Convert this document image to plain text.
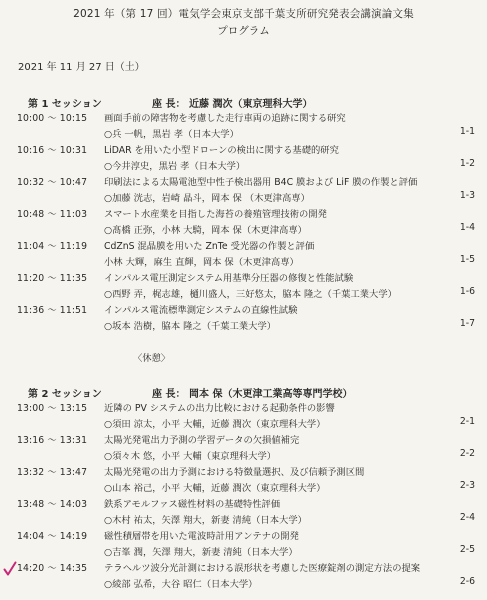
2021 年（第 17 回）電気学会東京支部千葉支所研究発表会講演論文集
プログラム
2021 年 11 月 27 日（土）
第 1 セッション	座 長： 近藤 潤次（東京理科大学）
10:00 ～ 10:15 画面手前の障害物を考慮した走行車両の追跡に関する研究
○兵 一帆，黒岩 孝（日本大学）	1-1
10:16 ～ 10:31 LiDAR を用いた小型ドローンの検出に関する基礎的研究
○今井淳史，黒岩 孝（日本大学）	1-2
10:32 ～ 10:47 印刷法による太陽電池型中性子検出器用 B4C 膜および LiF 膜の作製と評価
○加藤 洸志，岩崎 晶斗，岡本 保 （木更津高専）	1-3
10:48 ～ 11:03 スマート水産業を目指した海苔の養殖管理技術の開発
○髙橋 正弥，小林 大騎，岡本 保（木更津高専）	1-4
11:04 ～ 11:19 CdZnS 混晶膜を用いた ZnTe 受光器の作製と評価
小林 大輝，麻生 直輝，岡本 保（木更津高専）	1-5
11:20 ～ 11:35 インパルス電圧測定システム用基準分圧器の修復と性能試験
○西野 弄，梶志雄，樋川盛人，三好悠太，脇本 隆之（千葉工業大学）	1-6
11:36 ～ 11:51 インパルス電流標準測定システムの直線性試験
○坂本 浩樹，脇本 隆之（千葉工業大学）	1-7
〈休憩〉
第 2 セッション	座 長： 岡本 保（木更津工業高等専門学校）
13:00 ～ 13:15 近隣の PV システムの出力比較における起動条件の影響
○須田 涼太，小平 大輔，近藤 潤次（東京理科大学）	2-1
13:16 ～ 13:31 太陽光発電出力予測の学習データの欠損値補完
○須々木 悠，小平 大輔（東京理科大学）	2-2
13:32 ～ 13:47 太陽光発電の出力予測における特徴量選択、及び信頼予測区間
○山本 裕己，小平 大輔，近藤 潤次（東京理科大学）	2-3
13:48 ～ 14:03 鉄系アモルファス磁性材料の基礎特性評価
○木村 祐太，矢澤 翔大，新妻 清純（日本大学）	2-4
14:04 ～ 14:19 磁性積層帯を用いた電波時計用アンテナの開発
○吉峯 潤，矢澤 翔大，新妻 清純（日本大学）	2-5
14:20 ～ 14:35 テラヘルツ波分光計測における誤形状を考慮した医療錠剤の測定方法の提案
○綾部 弘希，大谷 昭仁（日本大学）	2-6
